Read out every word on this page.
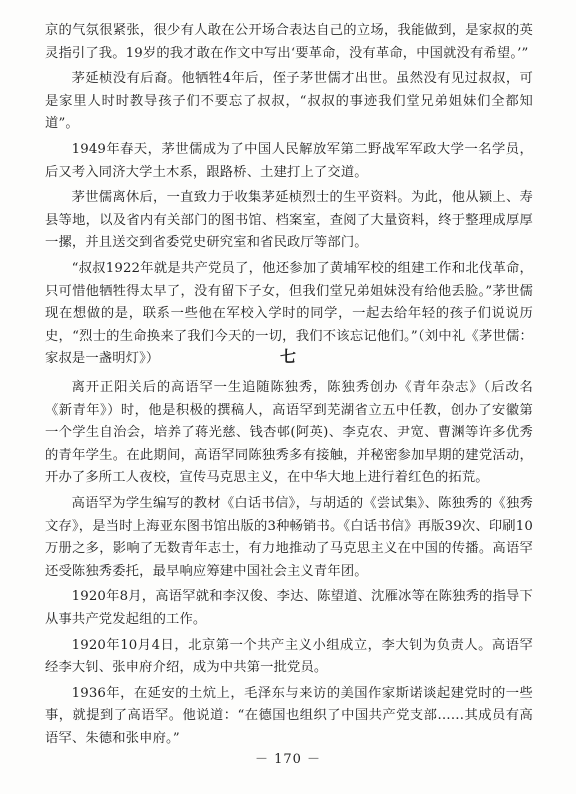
京的气氛很紧张，很少有人敢在公开场合表达自己的立场，我能做到，是家叔的英灵指引了我。19岁的我才敢在作文中写出‘要革命，没有革命，中国就没有希望。’”

茅延桢没有后裔。他牺牲4年后，侄子茅世儒才出世。虽然没有见过叔叔，可是家里人时时教导孩子们不要忘了叔叔，“叔叔的事迹我们堂兄弟姐妹们全都知道”。

1949年春天，茅世儒成为了中国人民解放军第二野战军军政大学一名学员，后又考入同济大学土木系，跟路桥、土建打上了交道。

茅世儒离休后，一直致力于收集茅延桢烈士的生平资料。为此，他从颍上、寿县等地，以及省内有关部门的图书馆、档案室，查阅了大量资料，终于整理成厚厚一摞，并且送交到省委党史研究室和省民政厅等部门。

“叔叔1922年就是共产党员了，他还参加了黄埔军校的组建工作和北伐革命，只可惜他牺牲得太早了，没有留下子女，但我们堂兄弟姐妹没有给他丢脸。”茅世儒现在想做的是，联系一些他在军校入学时的同学，一起去给年轻的孩子们说说历史，“烈士的生命换来了我们今天的一切，我们不该忘记他们。”（刘中礼《茅世儒：家叔是一盏明灯》）	七

离开正阳关后的高语罕一生追随陈独秀，陈独秀创办《青年杂志》（后改名《新青年》）时，他是积极的撰稿人，高语罕到芜湖省立五中任教，创办了安徽第一个学生自治会，培养了蒋光慈、钱杏邨(阿英)、李克农、尹宽、曹渊等许多优秀的青年学生。在此期间，高语罕同陈独秀多有接触，并秘密参加早期的建党活动，开办了多所工人夜校，宣传马克思主义，在中华大地上进行着红色的拓荒。

高语罕为学生编写的教材《白话书信》，与胡适的《尝试集》、陈独秀的《独秀文存》，是当时上海亚东图书馆出版的3种畅销书。《白话书信》再版39次、印刷10万册之多，影响了无数青年志士，有力地推动了马克思主义在中国的传播。高语罕还受陈独秀委托，最早响应筹建中国社会主义青年团。

1920年8月，高语罕就和李汉俊、李达、陈望道、沈雁冰等在陈独秀的指导下从事共产党发起组的工作。

1920年10月4日，北京第一个共产主义小组成立，李大钊为负责人。高语罕经李大钊、张申府介绍，成为中共第一批党员。

1936年，在延安的土炕上，毛泽东与来访的美国作家斯诺谈起建党时的一些事，就提到了高语罕。他说道：“在德国也组织了中国共产党支部……其成员有高语罕、朱德和张申府。”

－ 170 －
